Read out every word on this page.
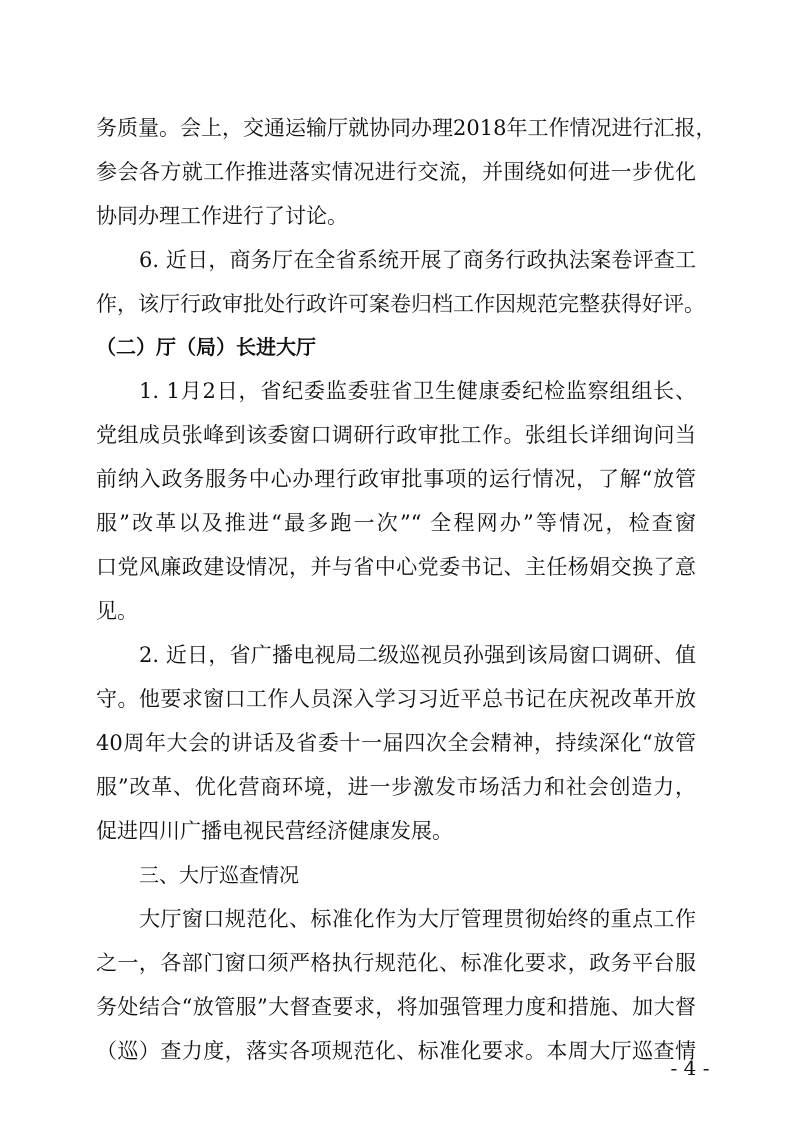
务质量。会上，交通运输厅就协同办理2018年工作情况进行汇报，
参会各方就工作推进落实情况进行交流，并围绕如何进一步优化
协同办理工作进行了讨论。
6. 近日，商务厅在全省系统开展了商务行政执法案卷评查工
作，该厅行政审批处行政许可案卷归档工作因规范完整获得好评。
（二）厅（局）长进大厅
1. 1月2日，省纪委监委驻省卫生健康委纪检监察组组长、
党组成员张峰到该委窗口调研行政审批工作。张组长详细询问当
前纳入政务服务中心办理行政审批事项的运行情况，了解“放管
服”改革以及推进“最多跑一次”“ 全程网办”等情况，检查窗
口党风廉政建设情况，并与省中心党委书记、主任杨娟交换了意
见。
2. 近日，省广播电视局二级巡视员孙强到该局窗口调研、值
守。他要求窗口工作人员深入学习习近平总书记在庆祝改革开放
40周年大会的讲话及省委十一届四次全会精神，持续深化“放管
服”改革、优化营商环境，进一步激发市场活力和社会创造力，
促进四川广播电视民营经济健康发展。
三、大厅巡查情况
大厅窗口规范化、标准化作为大厅管理贯彻始终的重点工作
之一，各部门窗口须严格执行规范化、标准化要求，政务平台服
务处结合“放管服”大督查要求，将加强管理力度和措施、加大督
（巡）查力度，落实各项规范化、标准化要求。本周大厅巡查情
- 4 -
